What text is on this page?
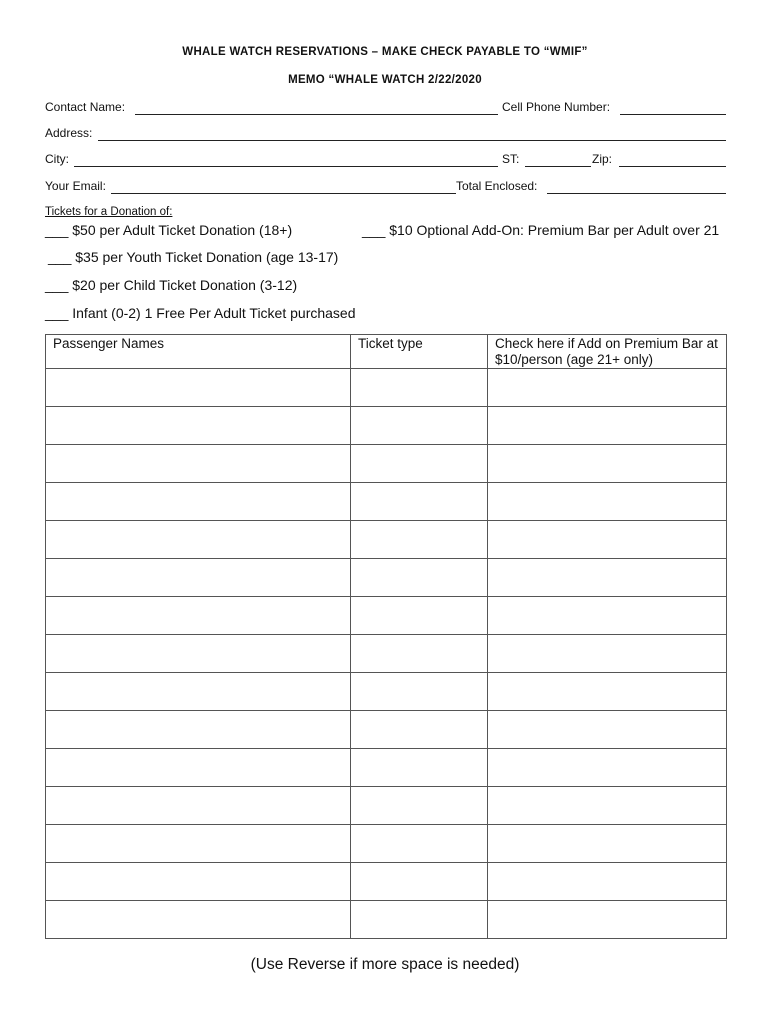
WHALE WATCH RESERVATIONS – MAKE CHECK PAYABLE TO “WMIF”
MEMO “WHALE WATCH 2/22/2020
Contact Name:	Cell Phone Number:
Address:
City:	ST:	Zip:
Your Email:	Total Enclosed:
Tickets for a Donation of:
___ $50 per Adult Ticket Donation (18+)	___ $10 Optional Add-On: Premium Bar per Adult over 21
___ $35 per Youth Ticket Donation (age 13-17)
___ $20 per Child Ticket Donation (3-12)
___ Infant (0-2) 1 Free Per Adult Ticket purchased
Passenger Names	Ticket type	Check here if Add on Premium Bar at $10/person (age 21+ only)

(Use Reverse if more space is needed)
